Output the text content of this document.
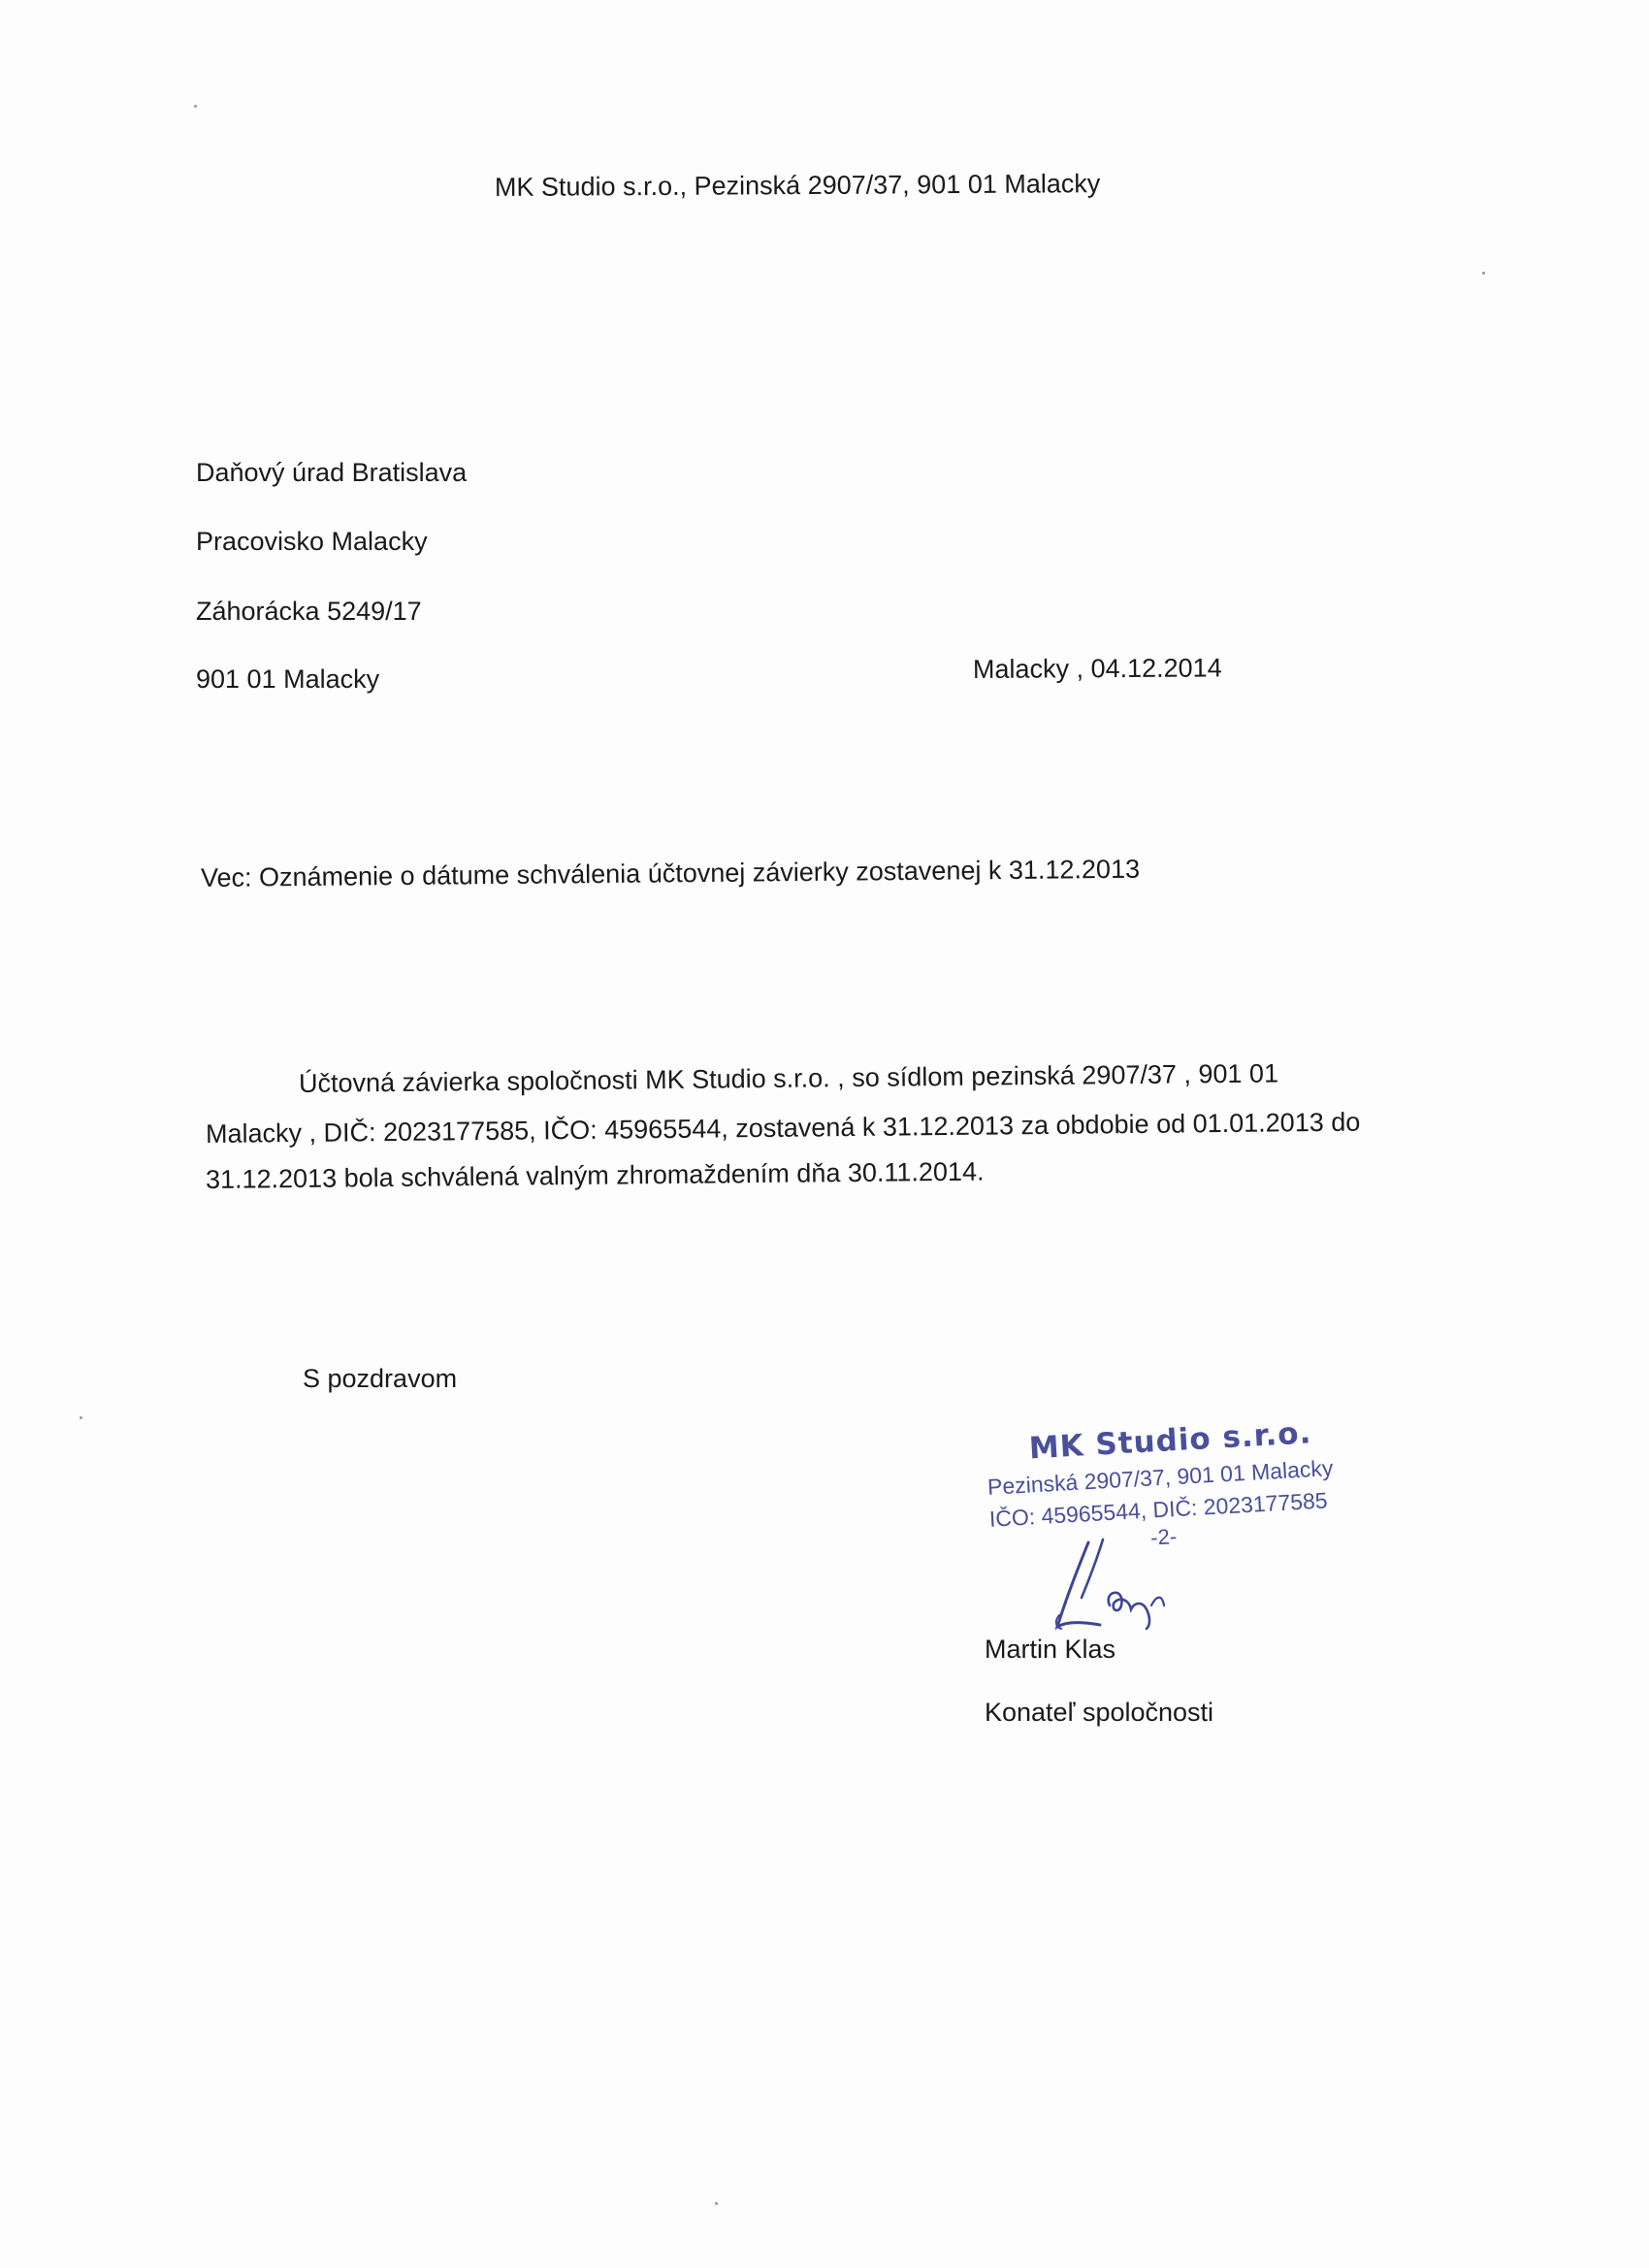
MK Studio s.r.o., Pezinská 2907/37, 901 01 Malacky
Daňový úrad Bratislava
Pracovisko Malacky
Záhorácka 5249/17
901 01 Malacky	Malacky , 04.12.2014
Vec: Oznámenie o dátume schválenia účtovnej závierky zostavenej k 31.12.2013
Účtovná závierka spoločnosti MK Studio s.r.o. , so sídlom pezinská 2907/37 , 901 01
Malacky , DIČ: 2023177585, IČO: 45965544, zostavená k 31.12.2013 za obdobie od 01.01.2013 do
31.12.2013 bola schválená valným zhromaždením dňa 30.11.2014.
S pozdravom
MK Studio s.r.o.
Pezinská 2907/37, 901 01 Malacky
IČO: 45965544, DIČ: 2023177585
-2-
Martin Klas
Konateľ spoločnosti
